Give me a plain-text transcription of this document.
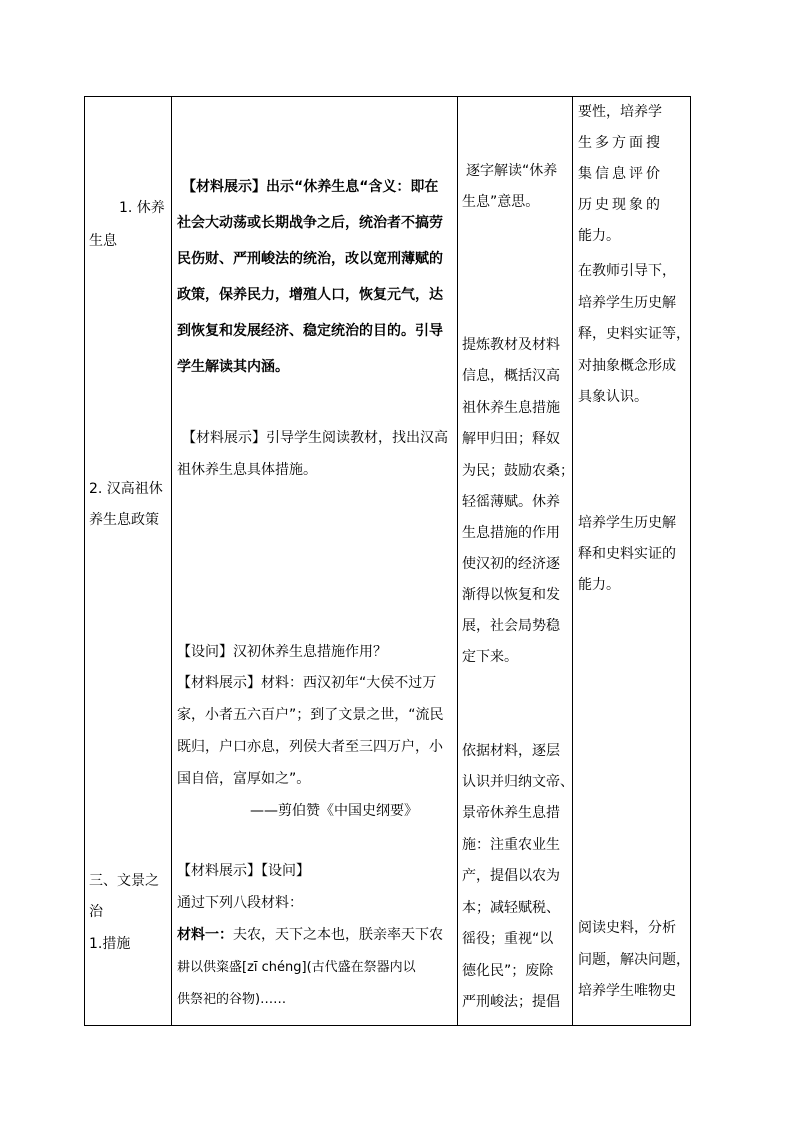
1. 休养
生息
2. 汉高祖休
养生息政策
三、文景之
治
1.措施
【材料展示】出示“休养生息“含义：即在
社会大动荡或长期战争之后，统治者不搞劳
民伤财、严刑峻法的统治，改以宽刑薄赋的
政策，保养民力，增殖人口，恢复元气，达
到恢复和发展经济、稳定统治的目的。引导
学生解读其内涵。
【材料展示】引导学生阅读教材，找出汉高
祖休养生息具体措施。
【设问】汉初休养生息措施作用？
【材料展示】材料：西汉初年“大侯不过万
家，小者五六百户”；到了文景之世，“流民
既归，户口亦息，列侯大者至三四万户，小
国自倍，富厚如之”。
——剪伯赞《中国史纲要》
【材料展示】【设问】
通过下列八段材料：
材料一：夫农，天下之本也，朕亲率天下农
耕以供粢盛[zī chéng](古代盛在祭器内以
供祭祀的谷物)……
逐字解读“休养
生息”意思。
提炼教材及材料
信息，概括汉高
祖休养生息措施
解甲归田；释奴
为民；鼓励农桑；
轻徭薄赋。休养
生息措施的作用
使汉初的经济逐
渐得以恢复和发
展，社会局势稳
定下来。
依据材料，逐层
认识并归纳文帝、
景帝休养生息措
施：注重农业生
产，提倡以农为
本；减轻赋税、
徭役；重视“以
德化民”；废除
严刑峻法；提倡
要性，培养学
生多方面搜
集信息评价
历史现象的
能力。
在教师引导下，
培养学生历史解
释，史料实证等，
对抽象概念形成
具象认识。
培养学生历史解
释和史料实证的
能力。
阅读史料，分析
问题，解决问题，
培养学生唯物史
